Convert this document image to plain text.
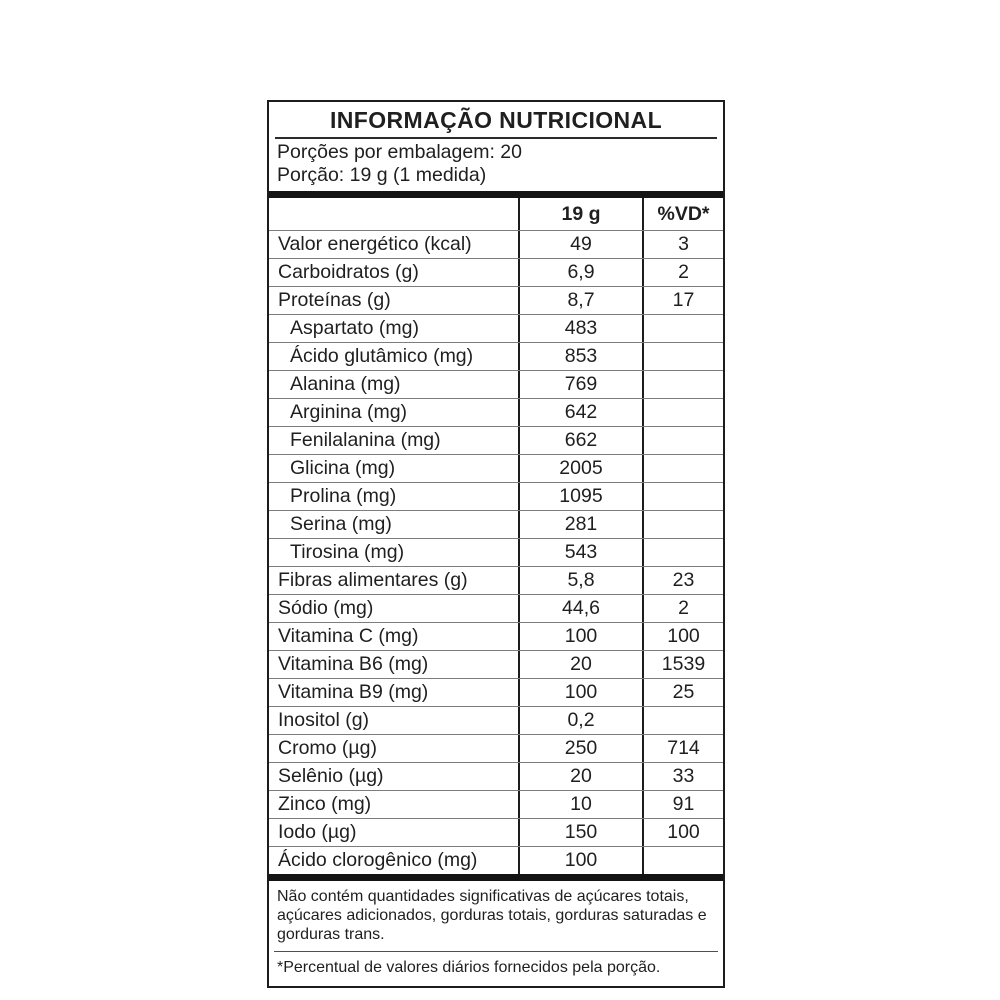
INFORMAÇÃO NUTRICIONAL
Porções por embalagem: 20
Porção: 19 g (1 medida)
19 g	%VD*
Valor energético (kcal)	49	3
Carboidratos (g)	6,9	2
Proteínas (g)	8,7	17
Aspartato (mg)	483
Ácido glutâmico (mg)	853
Alanina (mg)	769
Arginina (mg)	642
Fenilalanina (mg)	662
Glicina (mg)	2005
Prolina (mg)	1095
Serina (mg)	281
Tirosina (mg)	543
Fibras alimentares (g)	5,8	23
Sódio (mg)	44,6	2
Vitamina C (mg)	100	100
Vitamina B6 (mg)	20	1539
Vitamina B9 (mg)	100	25
Inositol (g)	0,2
Cromo (µg)	250	714
Selênio (µg)	20	33
Zinco (mg)	10	91
Iodo (µg)	150	100
Ácido clorogênico (mg)	100
Não contém quantidades significativas de açúcares totais, açúcares adicionados, gorduras totais, gorduras saturadas e gorduras trans.
*Percentual de valores diários fornecidos pela porção.
